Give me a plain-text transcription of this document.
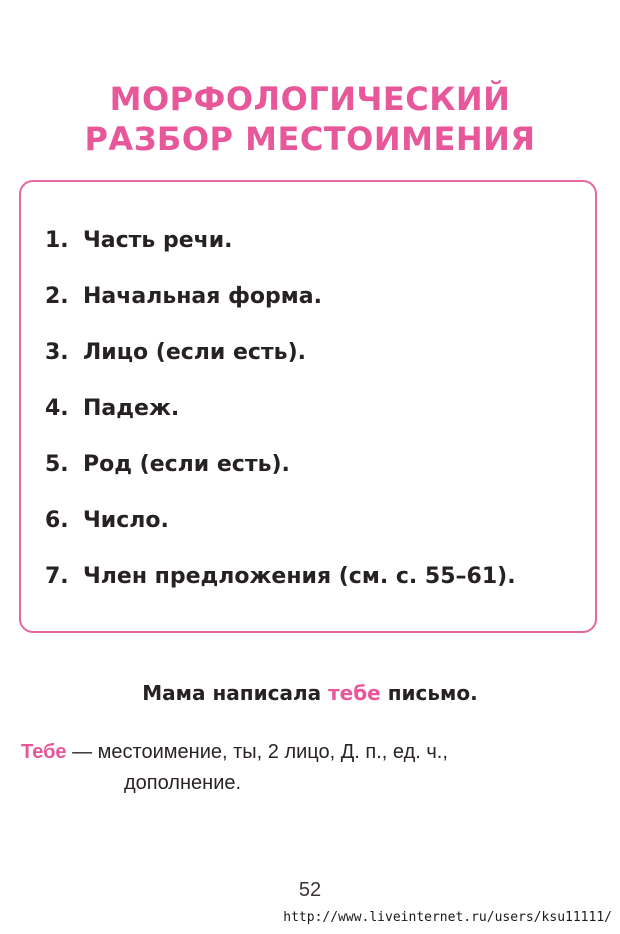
МОРФОЛОГИЧЕСКИЙ
РАЗБОР МЕСТОИМЕНИЯ
1. Часть речи.
2. Начальная форма.
3. Лицо (если есть).
4. Падеж.
5. Род (если есть).
6. Число.
7. Член предложения (см. с. 55–61).
Мама написала тебе письмо.
Тебе — местоимение, ты, 2 лицо, Д. п., ед. ч.,
дополнение.
52
http://www.liveinternet.ru/users/ksu11111/
